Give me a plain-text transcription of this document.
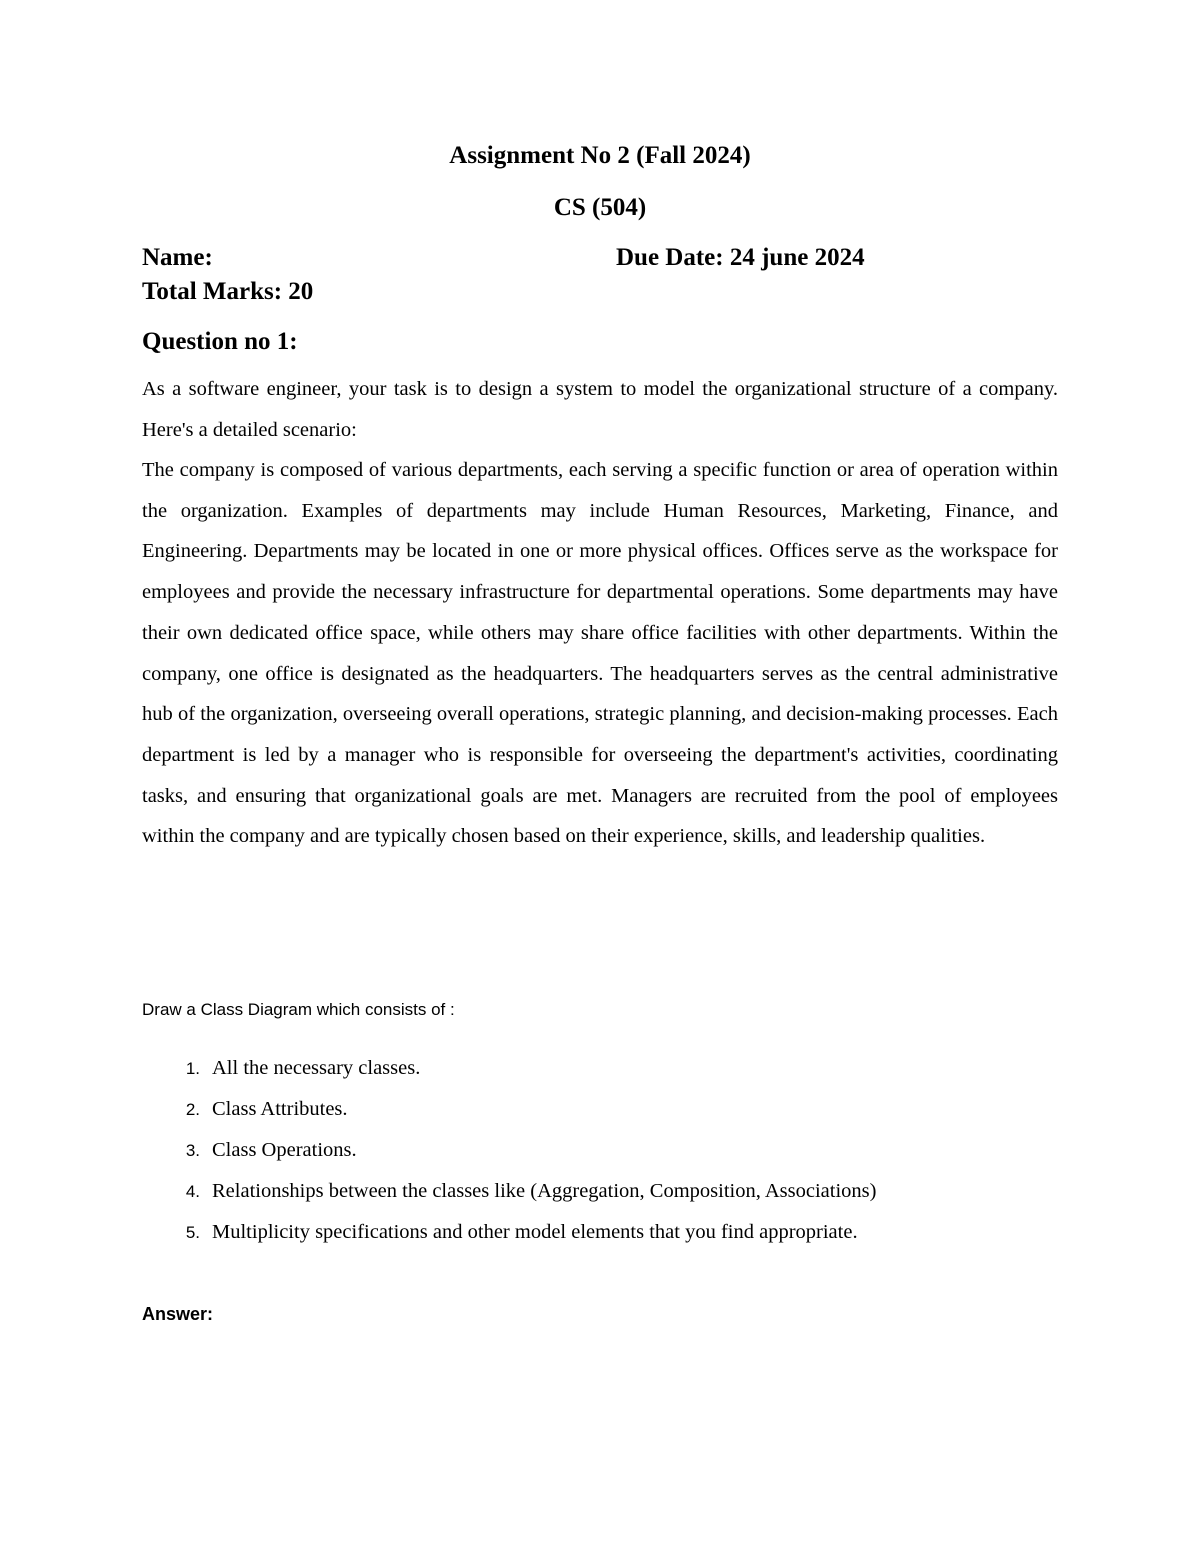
Assignment No 2 (Fall 2024)
CS (504)
Name:	Due Date: 24 june 2024
Total Marks: 20
Question no 1:
As a software engineer, your task is to design a system to model the organizational structure of a company. Here's a detailed scenario:
The company is composed of various departments, each serving a specific function or area of operation within the organization. Examples of departments may include Human Resources, Marketing, Finance, and Engineering. Departments may be located in one or more physical offices. Offices serve as the workspace for employees and provide the necessary infrastructure for departmental operations. Some departments may have their own dedicated office space, while others may share office facilities with other departments. Within the company, one office is designated as the headquarters. The headquarters serves as the central administrative hub of the organization, overseeing overall operations, strategic planning, and decision-making processes. Each department is led by a manager who is responsible for overseeing the department's activities, coordinating tasks, and ensuring that organizational goals are met. Managers are recruited from the pool of employees within the company and are typically chosen based on their experience, skills, and leadership qualities.
Draw a Class Diagram which consists of :
1. All the necessary classes.
2. Class Attributes.
3. Class Operations.
4. Relationships between the classes like (Aggregation, Composition, Associations)
5. Multiplicity specifications and other model elements that you find appropriate.
Answer:
